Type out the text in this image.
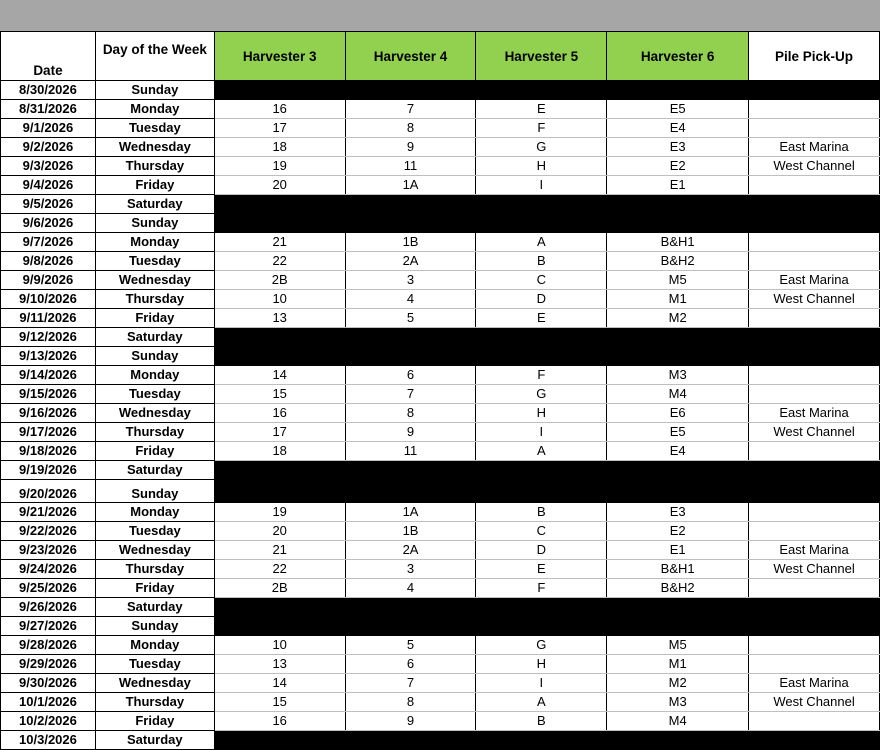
Date	Day of the Week	Harvester 3	Harvester 4	Harvester 5	Harvester 6	Pile Pick-Up
8/30/2026	Sunday					
8/31/2026	Monday	16	7	E	E5	
9/1/2026	Tuesday	17	8	F	E4	
9/2/2026	Wednesday	18	9	G	E3	East Marina
9/3/2026	Thursday	19	11	H	E2	West Channel
9/4/2026	Friday	20	1A	I	E1	
9/5/2026	Saturday					
9/6/2026	Sunday					
9/7/2026	Monday	21	1B	A	B&H1	
9/8/2026	Tuesday	22	2A	B	B&H2	
9/9/2026	Wednesday	2B	3	C	M5	East Marina
9/10/2026	Thursday	10	4	D	M1	West Channel
9/11/2026	Friday	13	5	E	M2	
9/12/2026	Saturday					
9/13/2026	Sunday					
9/14/2026	Monday	14	6	F	M3	
9/15/2026	Tuesday	15	7	G	M4	
9/16/2026	Wednesday	16	8	H	E6	East Marina
9/17/2026	Thursday	17	9	I	E5	West Channel
9/18/2026	Friday	18	11	A	E4	
9/19/2026	Saturday					
9/20/2026	Sunday					
9/21/2026	Monday	19	1A	B	E3	
9/22/2026	Tuesday	20	1B	C	E2	
9/23/2026	Wednesday	21	2A	D	E1	East Marina
9/24/2026	Thursday	22	3	E	B&H1	West Channel
9/25/2026	Friday	2B	4	F	B&H2	
9/26/2026	Saturday					
9/27/2026	Sunday					
9/28/2026	Monday	10	5	G	M5	
9/29/2026	Tuesday	13	6	H	M1	
9/30/2026	Wednesday	14	7	I	M2	East Marina
10/1/2026	Thursday	15	8	A	M3	West Channel
10/2/2026	Friday	16	9	B	M4	
10/3/2026	Saturday					
